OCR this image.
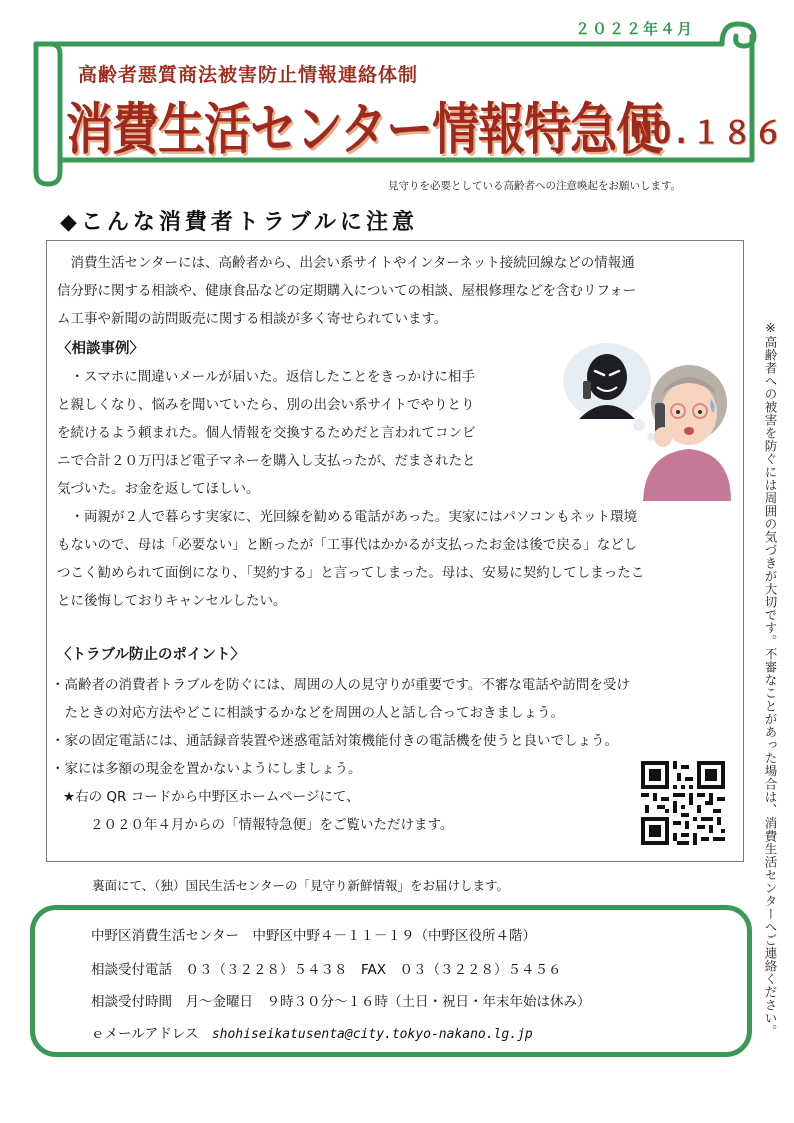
２０２２年４月
高齢者悪質商法被害防止情報連絡体制
消費生活センター情報特急便
NO.１８６
見守りを必要としている高齢者への注意喚起をお願いします。
◆こんな消費者トラブルに注意
　消費生活センターには、高齢者から、出会い系サイトやインターネット接続回線などの情報通
信分野に関する相談や、健康食品などの定期購入についての相談、屋根修理などを含むリフォー
ム工事や新聞の訪問販売に関する相談が多く寄せられています。
〈相談事例〉
　・スマホに間違いメールが届いた。返信したことをきっかけに相手
と親しくなり、悩みを聞いていたら、別の出会い系サイトでやりとり
を続けるよう頼まれた。個人情報を交換するためだと言われてコンビ
ニで合計２０万円ほど電子マネーを購入し支払ったが、だまされたと
気づいた。お金を返してほしい。
　・両親が２人で暮らす実家に、光回線を勧める電話があった。実家にはパソコンもネット環境
もないので、母は「必要ない」と断ったが「工事代はかかるが支払ったお金は後で戻る」などし
つこく勧められて面倒になり、「契約する」と言ってしまった。母は、安易に契約してしまったこ
とに後悔しておりキャンセルしたい。
〈トラブル防止のポイント〉
・高齢者の消費者トラブルを防ぐには、周囲の人の見守りが重要です。不審な電話や訪問を受け
　たときの対応方法やどこに相談するかなどを周囲の人と話し合っておきましょう。
・家の固定電話には、通話録音装置や迷惑電話対策機能付きの電話機を使うと良いでしょう。
・家には多額の現金を置かないようにしましょう。
★右の QR コードから中野区ホームページにて、
　　２０２０年４月からの「情報特急便」をご覧いただけます。	※高齢者への被害を防ぐには周囲の気づきが大切です。不審なことがあった場合は、消費生活センターへご連絡ください。
裏面にて、（独）国民生活センターの「見守り新鮮情報」をお届けします。
中野区消費生活センター　中野区中野４－１１－１９（中野区役所４階）
相談受付電話　０３（３２２８）５４３８　FAX　０３（３２２８）５４５６
相談受付時間　月～金曜日　９時３０分～１６時（土日・祝日・年末年始は休み）
ｅメールアドレス　shohiseikatusenta@city.tokyo-nakano.lg.jp
